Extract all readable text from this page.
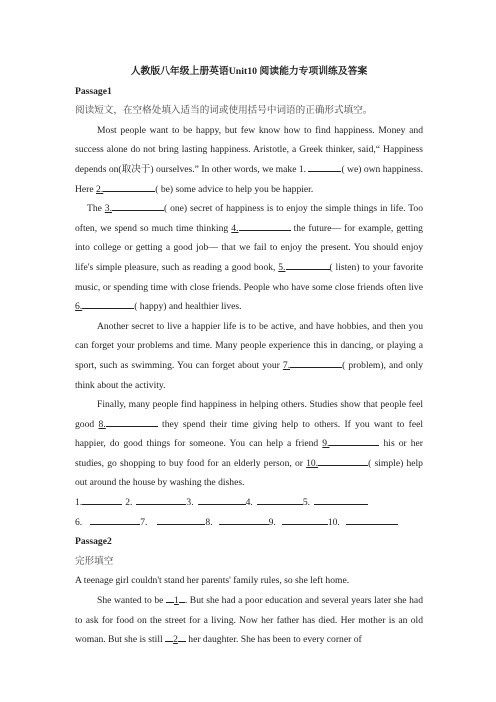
人教版八年级上册英语Unit10 阅读能力专项训练及答案

Passage1

阅读短文，在空格处填入适当的词或使用括号中词语的正确形式填空。

Most people want to be happy, but few know how to find happiness. Money and success alone do not bring lasting happiness. Aristotle, a Greek thinker, said,“ Happiness depends on(取决于) ourselves.” In other words, we make 1.	( we) own happiness. Here 2.	( be) some advice to help you be happier.

The 3.	( one) secret of happiness is to enjoy the simple things in life. Too often, we spend so much time thinking 4.	the future— for example, getting into college or getting a good job— that we fail to enjoy the present. You should enjoy life's simple pleasure, such as reading a good book, 5.	( listen) to your favorite music, or spending time with close friends. People who have some close friends often live 6.	( happy) and healthier lives.

Another secret to live a happier life is to be active, and have hobbies, and then you can forget your problems and time. Many people experience this in dancing, or playing a sport, such as swimming. You can forget about your 7.	( problem), and only think about the activity.

Finally, many people find happiness in helping others. Studies show that people feel good 8.	they spend their time giving help to others. If you want to feel happier, do good things for someone. You can help a friend 9.	his or her studies, go shopping to buy food for an elderly person, or 10.	( simple) help out around the house by washing the dishes.

1.	2.	3.	4.	5.

6.	7.	8.	9.	10.

Passage2

完形填空

A teenage girl couldn't stand her parents' family rules, so she left home.

She wanted to be 1 . But she had a poor education and several years later she had to ask for food on the street for a living. Now her father has died. Her mother is an old woman. But she is still 2 her daughter. She has been to every corner of
